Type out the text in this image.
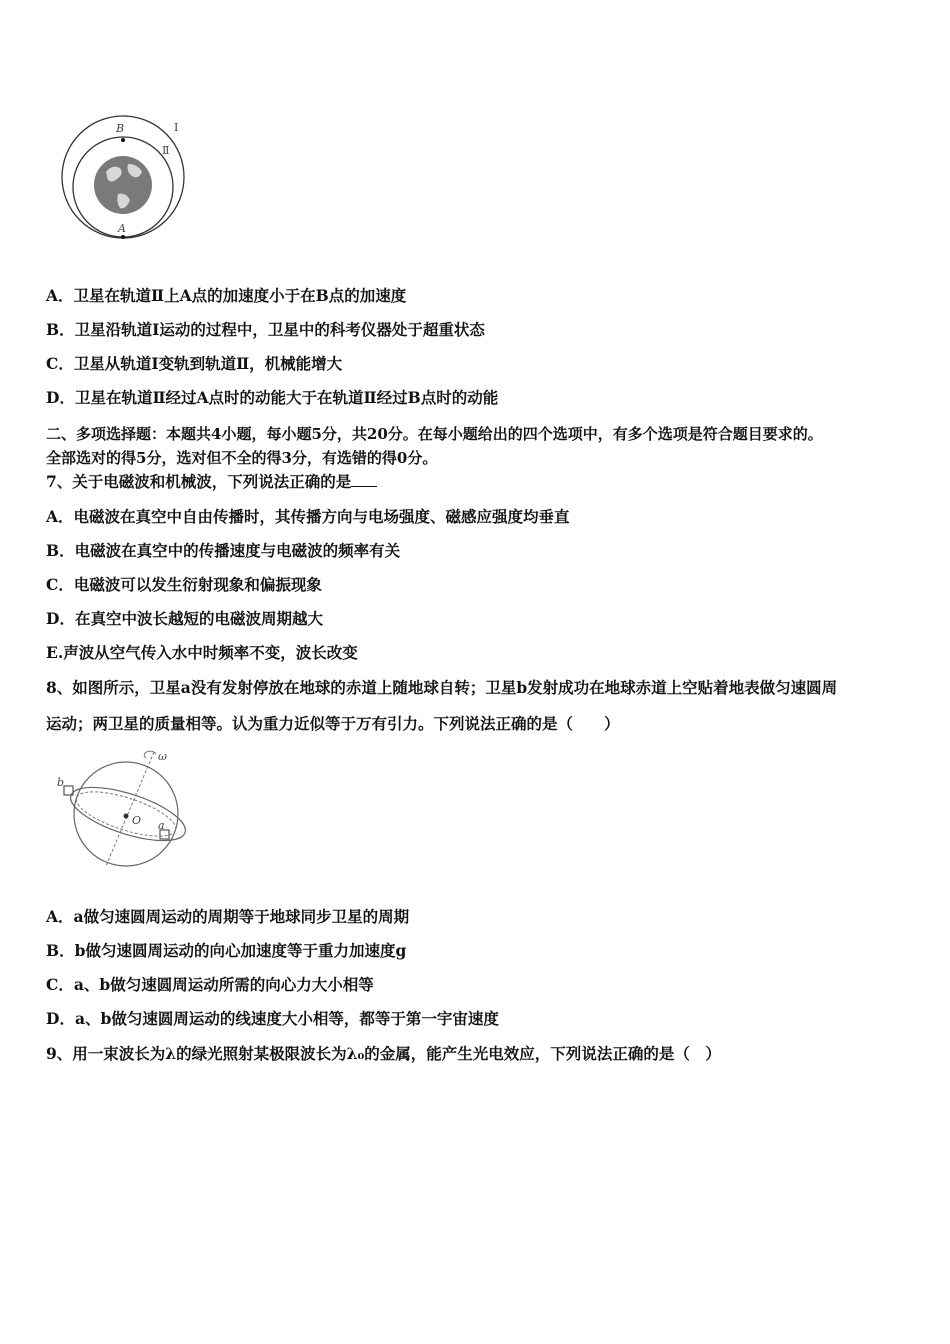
B
A
Ⅰ
Ⅱ
A．卫星在轨道Ⅱ上A点的加速度小于在B点的加速度
B．卫星沿轨道Ⅰ运动的过程中，卫星中的科考仪器处于超重状态
C．卫星从轨道Ⅰ变轨到轨道Ⅱ，机械能增大
D．卫星在轨道Ⅱ经过A点时的动能大于在轨道Ⅱ经过B点时的动能
二、多项选择题：本题共4小题，每小题5分，共20分。在每小题给出的四个选项中，有多个选项是符合题目要求的。
全部选对的得5分，选对但不全的得3分，有选错的得0分。
7、关于电磁波和机械波，下列说法正确的是
A．电磁波在真空中自由传播时，其传播方向与电场强度、磁感应强度均垂直
B．电磁波在真空中的传播速度与电磁波的频率有关
C．电磁波可以发生衍射现象和偏振现象
D．在真空中波长越短的电磁波周期越大
E.声波从空气传入水中时频率不变，波长改变
8、如图所示，卫星a没有发射停放在地球的赤道上随地球自转；卫星b发射成功在地球赤道上空贴着地表做匀速圆周
运动；两卫星的质量相等。认为重力近似等于万有引力。下列说法正确的是（　　）
b
a
O
ω
A．a做匀速圆周运动的周期等于地球同步卫星的周期
B．b做匀速圆周运动的向心加速度等于重力加速度g
C．a、b做匀速圆周运动所需的向心力大小相等
D．a、b做匀速圆周运动的线速度大小相等，都等于第一宇宙速度
9、用一束波长为λ的绿光照射某极限波长为λ₀的金属，能产生光电效应，下列说法正确的是（　）
